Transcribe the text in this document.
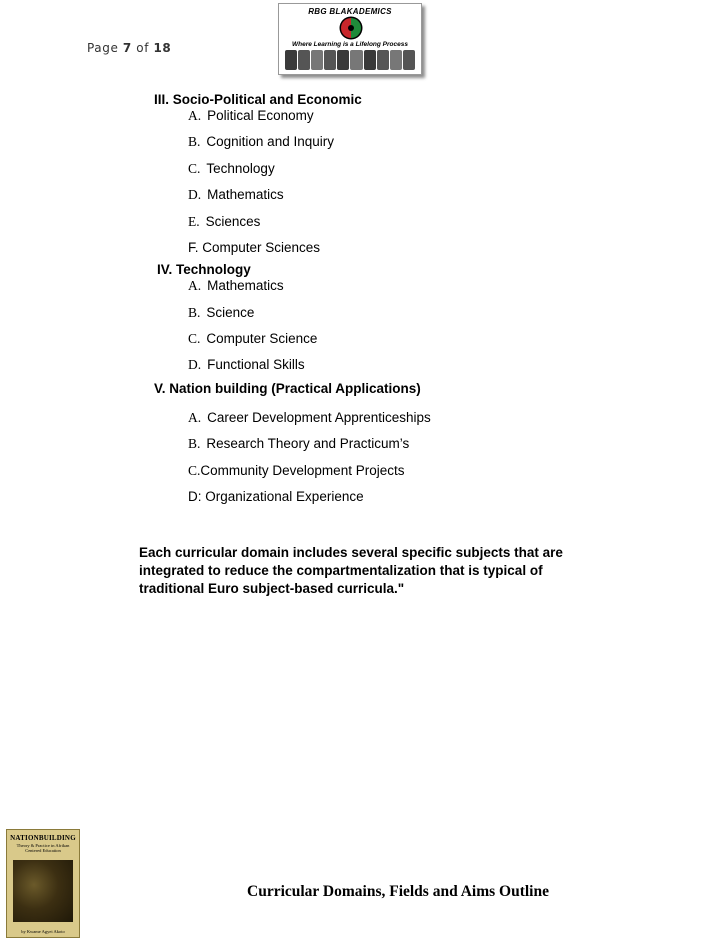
Page 7 of 18
RBG BLAKADEMICS
Where Learning is a Lifelong Process
III. Socio-Political and Economic
A. Political Economy
B. Cognition and Inquiry
C. Technology
D. Mathematics
E. Sciences
F. Computer Sciences
IV. Technology
A. Mathematics
B. Science
C. Computer Science
D. Functional Skills
V. Nation building (Practical Applications)
A. Career Development Apprenticeships
B. Research Theory and Practicum’s
C.Community Development Projects
D: Organizational Experience
Each curricular domain includes several specific subjects that are integrated to reduce the compartmentalization that is typical of traditional Euro subject-based curricula."
NATIONBUILDING
Theory & Practice in Afrikan Centered Education
by Kwame Agyei Akoto
Curricular Domains, Fields and Aims Outline
